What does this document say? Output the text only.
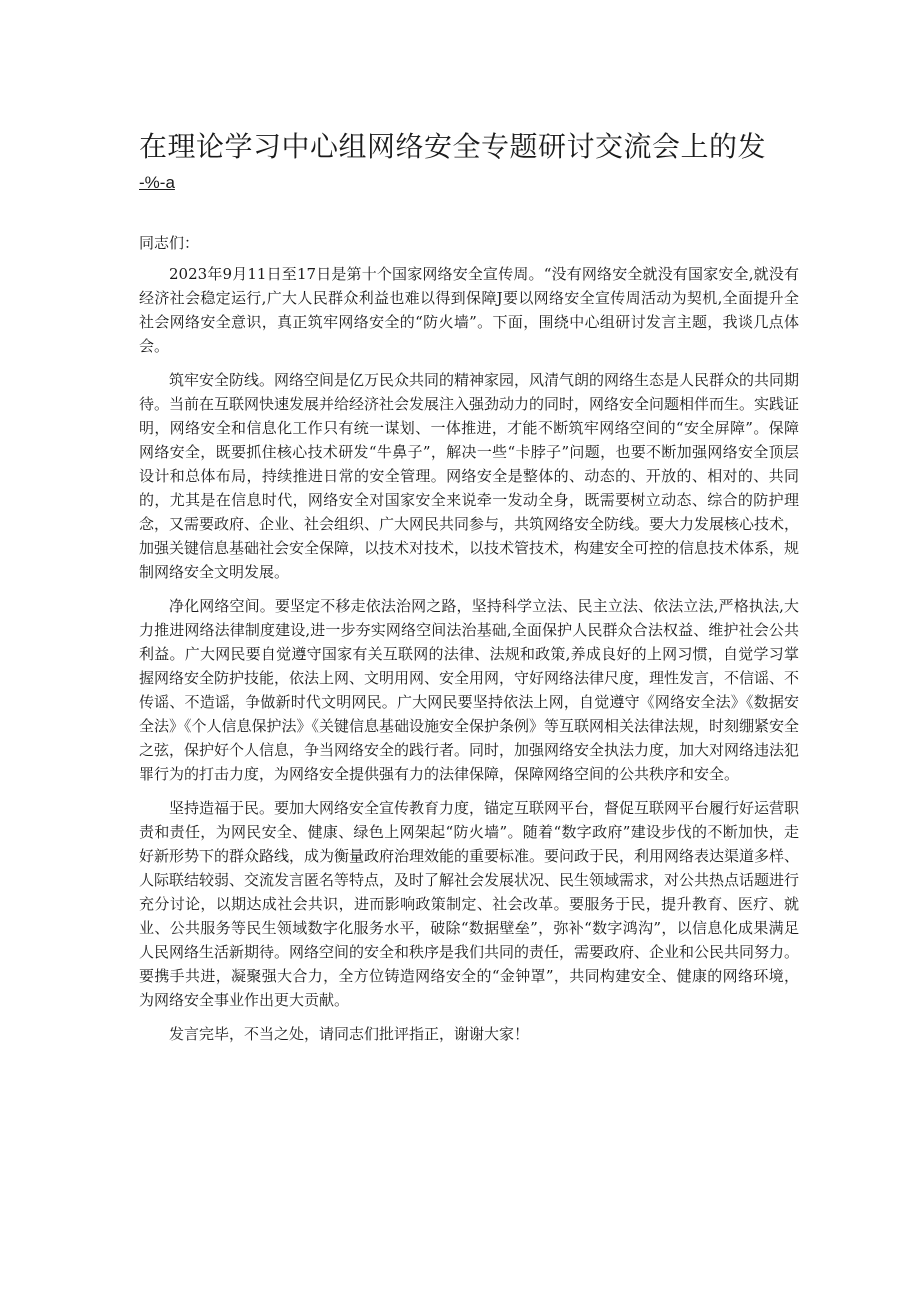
在理论学习中心组网络安全专题研讨交流会上的发

-%-a

同志们：

2023年9月11日至17日是第十个国家网络安全宣传周。“没有网络安全就没有国家安全,就没有经济社会稳定运行,广大人民群众利益也难以得到保障J要以网络安全宣传周活动为契机,全面提升全社会网络安全意识，真正筑牢网络安全的“防火墙”。下面，围绕中心组研讨发言主题，我谈几点体会。

筑牢安全防线。网络空间是亿万民众共同的精神家园，风清气朗的网络生态是人民群众的共同期待。当前在互联网快速发展并给经济社会发展注入强劲动力的同时，网络安全问题相伴而生。实践证明，网络安全和信息化工作只有统一谋划、一体推进，才能不断筑牢网络空间的“安全屏障”。保障网络安全，既要抓住核心技术研发“牛鼻子”，解决一些“卡脖子”问题，也要不断加强网络安全顶层设计和总体布局，持续推进日常的安全管理。网络安全是整体的、动态的、开放的、相对的、共同的，尤其是在信息时代，网络安全对国家安全来说牵一发动全身，既需要树立动态、综合的防护理念，又需要政府、企业、社会组织、广大网民共同参与，共筑网络安全防线。要大力发展核心技术，加强关键信息基础社会安全保障，以技术对技术，以技术管技术，构建安全可控的信息技术体系，规制网络安全文明发展。

净化网络空间。要坚定不移走依法治网之路，坚持科学立法、民主立法、依法立法,严格执法,大力推进网络法律制度建设,进一步夯实网络空间法治基础,全面保护人民群众合法权益、维护社会公共利益。广大网民要自觉遵守国家有关互联网的法律、法规和政策,养成良好的上网习惯，自觉学习掌握网络安全防护技能，依法上网、文明用网、安全用网，守好网络法律尺度，理性发言，不信谣、不传谣、不造谣，争做新时代文明网民。广大网民要坚持依法上网，自觉遵守《网络安全法》《数据安全法》《个人信息保护法》《关键信息基础设施安全保护条例》等互联网相关法律法规，时刻绷紧安全之弦，保护好个人信息，争当网络安全的践行者。同时，加强网络安全执法力度，加大对网络违法犯罪行为的打击力度，为网络安全提供强有力的法律保障，保障网络空间的公共秩序和安全。

坚持造福于民。要加大网络安全宣传教育力度，锚定互联网平台，督促互联网平台履行好运营职责和责任，为网民安全、健康、绿色上网架起“防火墙”。随着“数字政府”建设步伐的不断加快，走好新形势下的群众路线，成为衡量政府治理效能的重要标准。要问政于民，利用网络表达渠道多样、人际联结较弱、交流发言匿名等特点，及时了解社会发展状况、民生领域需求，对公共热点话题进行充分讨论，以期达成社会共识，进而影响政策制定、社会改革。要服务于民，提升教育、医疗、就业、公共服务等民生领域数字化服务水平，破除“数据壁垒”，弥补“数字鸿沟”，以信息化成果满足人民网络生活新期待。网络空间的安全和秩序是我们共同的责任，需要政府、企业和公民共同努力。要携手共进，凝聚强大合力，全方位铸造网络安全的“金钟罩”，共同构建安全、健康的网络环境，为网络安全事业作出更大贡献。

发言完毕，不当之处，请同志们批评指正，谢谢大家！
